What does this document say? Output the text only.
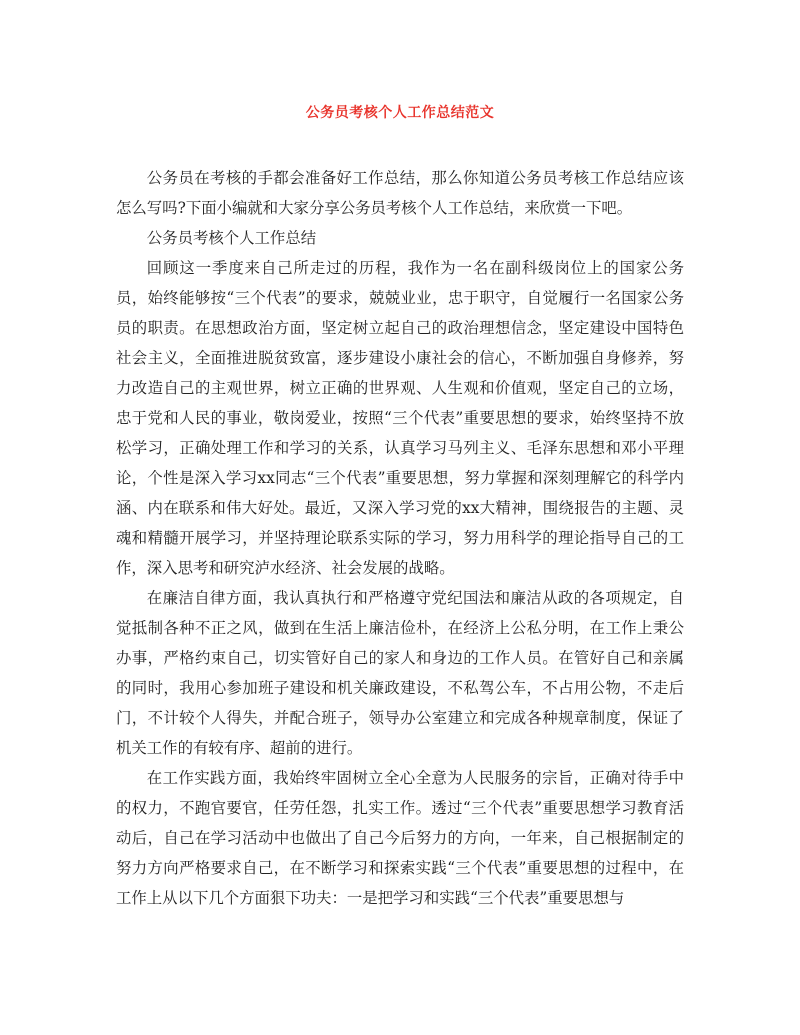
公务员考核个人工作总结范文

公务员在考核的手都会准备好工作总结，那么你知道公务员考核工作总结应该怎么写吗?下面小编就和大家分享公务员考核个人工作总结，来欣赏一下吧。

公务员考核个人工作总结

回顾这一季度来自己所走过的历程，我作为一名在副科级岗位上的国家公务员，始终能够按“三个代表”的要求，兢兢业业，忠于职守，自觉履行一名国家公务员的职责。在思想政治方面，坚定树立起自己的政治理想信念，坚定建设中国特色社会主义，全面推进脱贫致富，逐步建设小康社会的信心，不断加强自身修养，努力改造自己的主观世界，树立正确的世界观、人生观和价值观，坚定自己的立场，忠于党和人民的事业，敬岗爱业，按照“三个代表”重要思想的要求，始终坚持不放松学习，正确处理工作和学习的关系，认真学习马列主义、毛泽东思想和邓小平理论，个性是深入学习xx同志“三个代表”重要思想，努力掌握和深刻理解它的科学内涵、内在联系和伟大好处。最近，又深入学习党的xx大精神，围绕报告的主题、灵魂和精髓开展学习，并坚持理论联系实际的学习，努力用科学的理论指导自己的工作，深入思考和研究泸水经济、社会发展的战略。

在廉洁自律方面，我认真执行和严格遵守党纪国法和廉洁从政的各项规定，自觉抵制各种不正之风，做到在生活上廉洁俭朴，在经济上公私分明，在工作上秉公办事，严格约束自己，切实管好自己的家人和身边的工作人员。在管好自己和亲属的同时，我用心参加班子建设和机关廉政建设，不私驾公车，不占用公物，不走后门，不计较个人得失，并配合班子，领导办公室建立和完成各种规章制度，保证了机关工作的有较有序、超前的进行。

在工作实践方面，我始终牢固树立全心全意为人民服务的宗旨，正确对待手中的权力，不跑官要官，任劳任怨，扎实工作。透过“三个代表”重要思想学习教育活动后，自己在学习活动中也做出了自己今后努力的方向，一年来，自己根据制定的努力方向严格要求自己，在不断学习和探索实践“三个代表”重要思想的过程中，在工作上从以下几个方面狠下功夫：一是把学习和实践“三个代表”重要思想与
